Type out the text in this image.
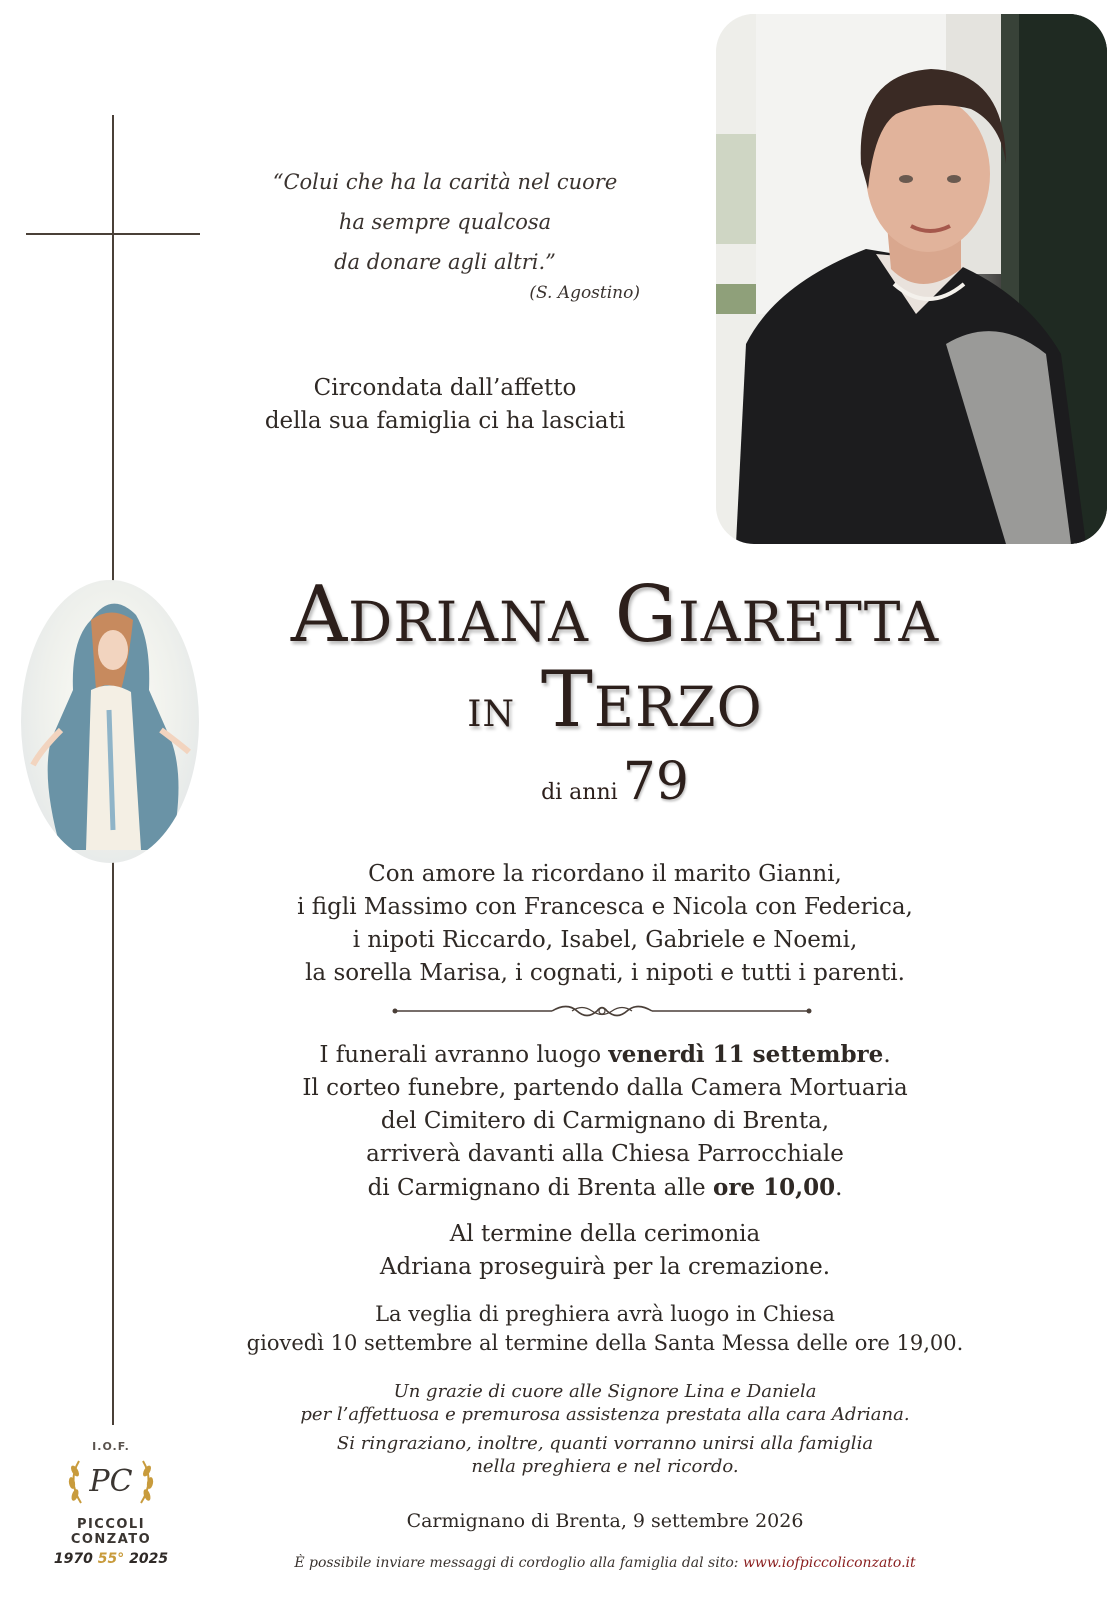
“Colui che ha la carità nel cuore
ha sempre qualcosa
da donare agli altri.”
(S. Agostino)
Circondata dall’affetto
della sua famiglia ci ha lasciati
Adriana Giaretta
in Terzo
di anni 79
Con amore la ricordano il marito Gianni,
i figli Massimo con Francesca e Nicola con Federica,
i nipoti Riccardo, Isabel, Gabriele e Noemi,
la sorella Marisa, i cognati, i nipoti e tutti i parenti.
I funerali avranno luogo venerdì 11 settembre.
Il corteo funebre, partendo dalla Camera Mortuaria
del Cimitero di Carmignano di Brenta,
arriverà davanti alla Chiesa Parrocchiale
di Carmignano di Brenta alle ore 10,00.
Al termine della cerimonia
Adriana proseguirà per la cremazione.
La veglia di preghiera avrà luogo in Chiesa
giovedì 10 settembre al termine della Santa Messa delle ore 19,00.
Un grazie di cuore alle Signore Lina e Daniela
per l’affettuosa e premurosa assistenza prestata alla cara Adriana.
Si ringraziano, inoltre, quanti vorranno unirsi alla famiglia
nella preghiera e nel ricordo.
Carmignano di Brenta, 9 settembre 2026
È possibile inviare messaggi di cordoglio alla famiglia dal sito: www.iofpiccoliconzato.it
I.O.F.
PC
PICCOLI CONZATO
1970 55° 2025
